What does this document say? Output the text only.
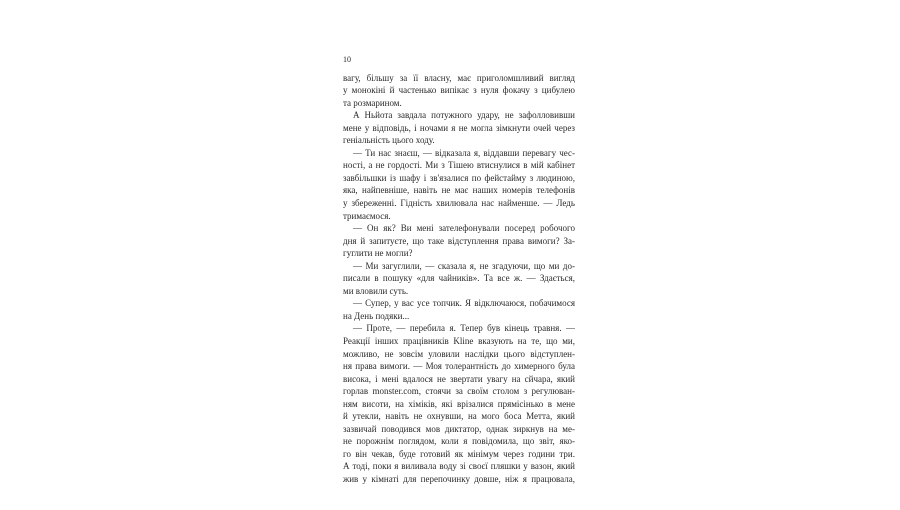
10
вагу, більшу за її власну, має приголомшливий вигляд
у монокіні й частенько випікає з нуля фокачу з цибулею
та розмарином.
А Ньйота завдала потужного удару, не зафолловивши
мене у відповідь, і ночами я не могла зімкнути очей через
геніальність цього ходу.
— Ти нас знаєш, — відказала я, віддавши перевагу чес-
ності, а не гордості. Ми з Тішею втиснулися в мій кабінет
завбільшки із шафу і зв'язалися по фейстайму з людиною,
яка, найпевніше, навіть не має наших номерів телефонів
у збереженні. Гідність хвилювала нас найменше. — Ледь
тримаємося.
— Он як? Ви мені зателефонували посеред робочого
дня й запитуєте, що таке відступлення права вимоги? За-
гуглити не могли?
— Ми загуглили, — сказала я, не згадуючи, що ми до-
писали в пошуку «для чайників». Та все ж. — Здається,
ми вловили суть.
— Супер, у вас усе топчик. Я відключаюся, побачимося
на День подяки...
— Проте, — перебила я. Тепер був кінець травня. —
Реакції інших працівників Kline вказують на те, що ми,
можливо, не зовсім уловили наслідки цього відступлен-
ня права вимоги. — Моя толерантність до химерного була
висока, і мені вдалося не звертати увагу на сйчара, який
горлав monster.com, стоячи за своїм столом з регулюван-
ням висоти, на хіміків, які врізалися прямісінько в мене
й утекли, навіть не охнувши, на мого боса Метта, який
зазвичай поводився мов диктатор, однак зиркнув на ме-
не порожнім поглядом, коли я повідомила, що звіт, яко-
го він чекав, буде готовий як мінімум через години три.
А тоді, поки я виливала воду зі своєї пляшки у вазон, який
жив у кімнаті для перепочинку довше, ніж я працювала,
